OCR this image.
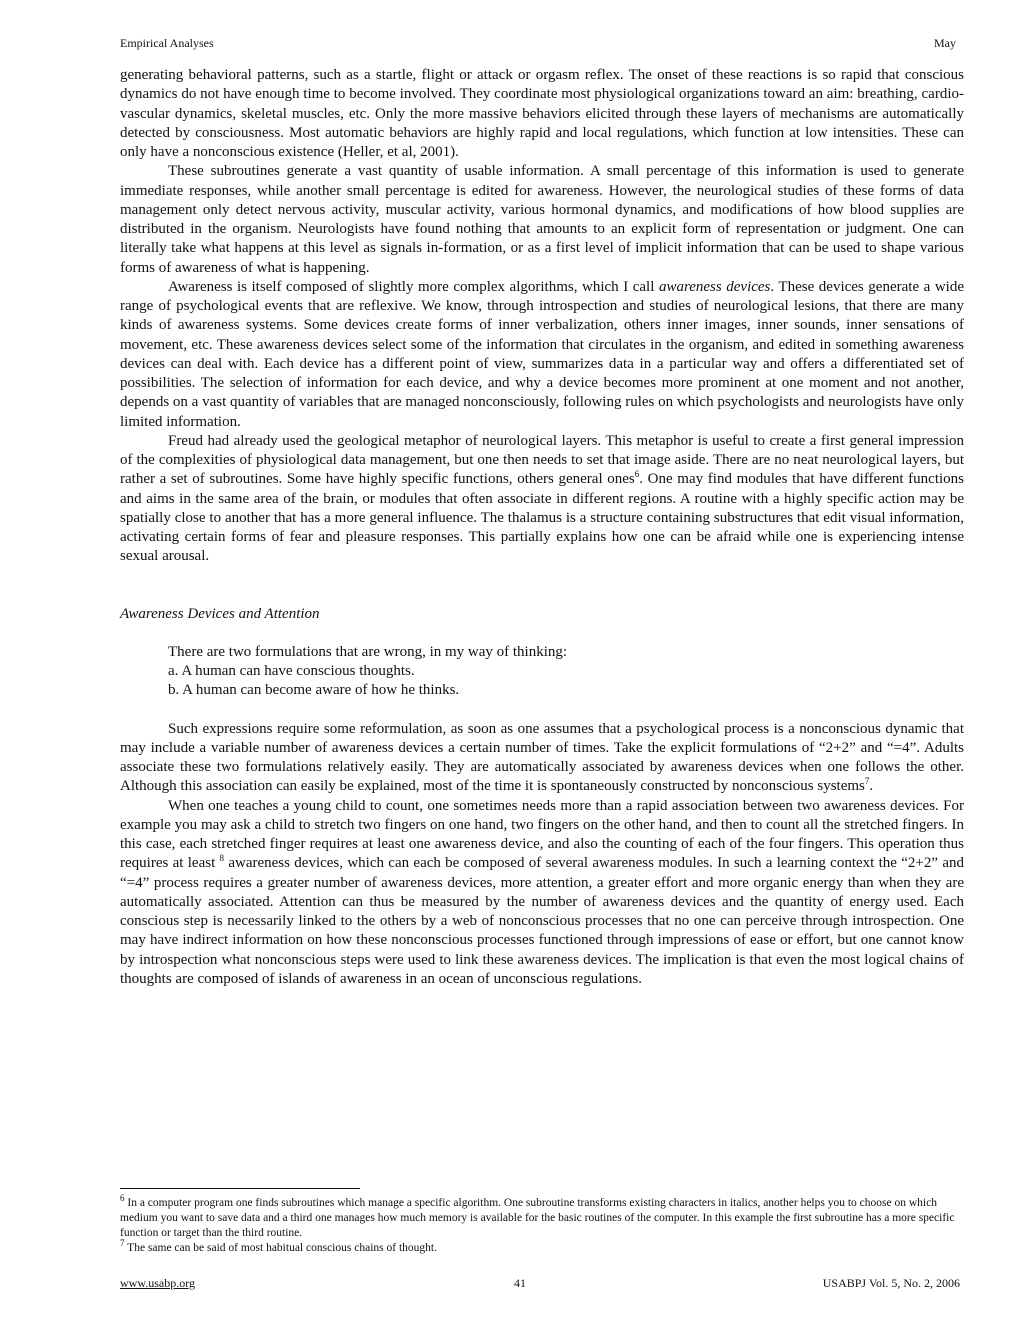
Empirical Analyses	May

generating behavioral patterns, such as a startle, flight or attack or orgasm reflex. The onset of these reactions is so rapid that conscious dynamics do not have enough time to become involved. They coordinate most physiological organizations toward an aim: breathing, cardio-vascular dynamics, skeletal muscles, etc. Only the more massive behaviors elicited through these layers of mechanisms are automatically detected by consciousness. Most automatic behaviors are highly rapid and local regulations, which function at low intensities. These can only have a nonconscious existence (Heller, et al, 2001).

These subroutines generate a vast quantity of usable information. A small percentage of this information is used to generate immediate responses, while another small percentage is edited for awareness. However, the neurological studies of these forms of data management only detect nervous activity, muscular activity, various hormonal dynamics, and modifications of how blood supplies are distributed in the organism. Neurologists have found nothing that amounts to an explicit form of representation or judgment. One can literally take what happens at this level as signals in-formation, or as a first level of implicit information that can be used to shape various forms of awareness of what is happening.

Awareness is itself composed of slightly more complex algorithms, which I call awareness devices. These devices generate a wide range of psychological events that are reflexive. We know, through introspection and studies of neurological lesions, that there are many kinds of awareness systems. Some devices create forms of inner verbalization, others inner images, inner sounds, inner sensations of movement, etc. These awareness devices select some of the information that circulates in the organism, and edited in something awareness devices can deal with. Each device has a different point of view, summarizes data in a particular way and offers a differentiated set of possibilities. The selection of information for each device, and why a device becomes more prominent at one moment and not another, depends on a vast quantity of variables that are managed nonconsciously, following rules on which psychologists and neurologists have only limited information.

Freud had already used the geological metaphor of neurological layers. This metaphor is useful to create a first general impression of the complexities of physiological data management, but one then needs to set that image aside. There are no neat neurological layers, but rather a set of subroutines. Some have highly specific functions, others general ones$^6$. One may find modules that have different functions and aims in the same area of the brain, or modules that often associate in different regions. A routine with a highly specific action may be spatially close to another that has a more general influence. The thalamus is a structure containing substructures that edit visual information, activating certain forms of fear and pleasure responses. This partially explains how one can be afraid while one is experiencing intense sexual arousal.

Awareness Devices and Attention

There are two formulations that are wrong, in my way of thinking:

a. A human can have conscious thoughts.

b. A human can become aware of how he thinks.

Such expressions require some reformulation, as soon as one assumes that a psychological process is a nonconscious dynamic that may include a variable number of awareness devices a certain number of times. Take the explicit formulations of “2+2” and “=4”. Adults associate these two formulations relatively easily. They are automatically associated by awareness devices when one follows the other. Although this association can easily be explained, most of the time it is spontaneously constructed by nonconscious systems$^7$.

When one teaches a young child to count, one sometimes needs more than a rapid association between two awareness devices. For example you may ask a child to stretch two fingers on one hand, two fingers on the other hand, and then to count all the stretched fingers. In this case, each stretched finger requires at least one awareness device, and also the counting of each of the four fingers. This operation thus requires at least $^8$ awareness devices, which can each be composed of several awareness modules. In such a learning context the “2+2” and “=4” process requires a greater number of awareness devices, more attention, a greater effort and more organic energy than when they are automatically associated. Attention can thus be measured by the number of awareness devices and the quantity of energy used. Each conscious step is necessarily linked to the others by a web of nonconscious processes that no one can perceive through introspection. One may have indirect information on how these nonconscious processes functioned through impressions of ease or effort, but one cannot know by introspection what nonconscious steps were used to link these awareness devices. The implication is that even the most logical chains of thoughts are composed of islands of awareness in an ocean of unconscious regulations.

$^6$ In a computer program one finds subroutines which manage a specific algorithm. One subroutine transforms existing characters in italics, another helps you to choose on which medium you want to save data and a third one manages how much memory is available for the basic routines of the computer. In this example the first subroutine has a more specific function or target than the third routine.

$^7$ The same can be said of most habitual conscious chains of thought.

www.usabp.org	41	USABPJ Vol. 5, No. 2, 2006
